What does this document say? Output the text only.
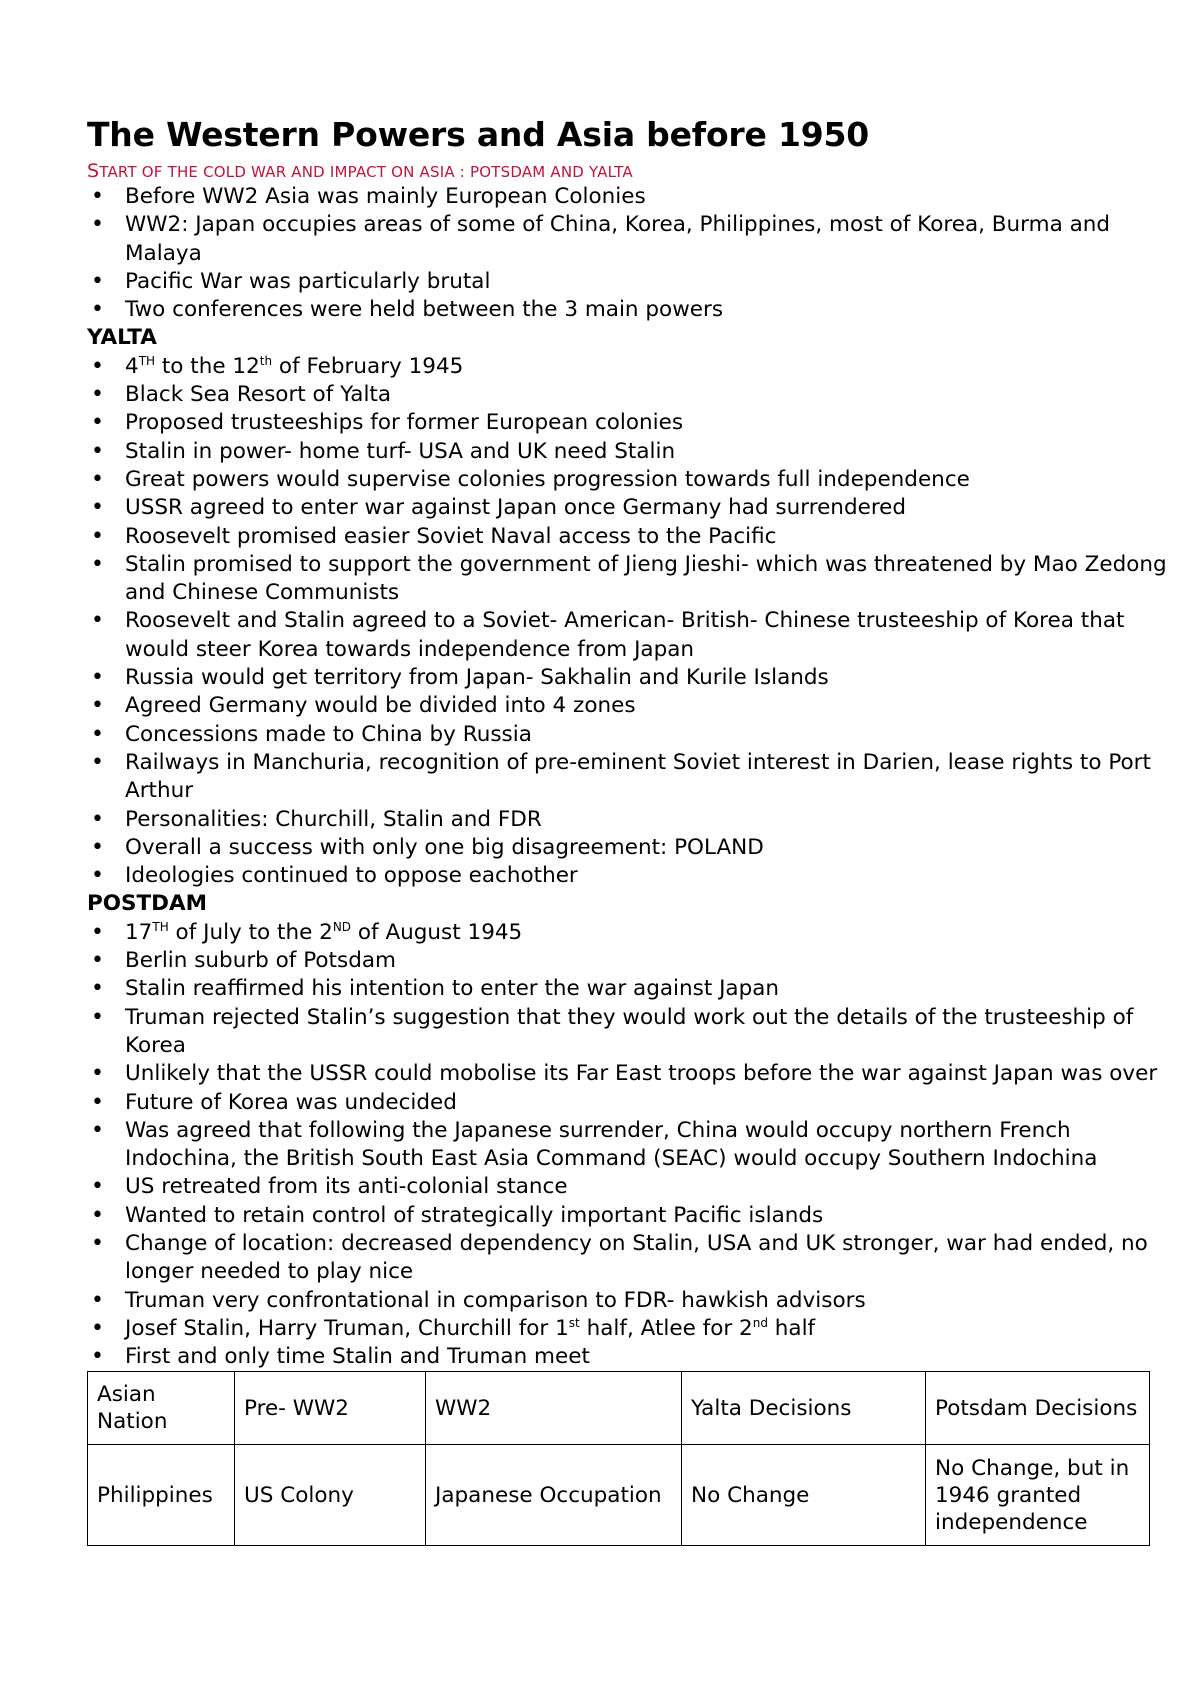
The Western Powers and Asia before 1950
START OF THE COLD WAR AND IMPACT ON ASIA : POTSDAM AND YALTA
• Before WW2 Asia was mainly European Colonies
• WW2: Japan occupies areas of some of China, Korea, Philippines, most of Korea, Burma and Malaya
• Pacific War was particularly brutal
• Two conferences were held between the 3 main powers
YALTA
• 4TH to the 12th of February 1945
• Black Sea Resort of Yalta
• Proposed trusteeships for former European colonies
• Stalin in power- home turf- USA and UK need Stalin
• Great powers would supervise colonies progression towards full independence
• USSR agreed to enter war against Japan once Germany had surrendered
• Roosevelt promised easier Soviet Naval access to the Pacific
• Stalin promised to support the government of Jieng Jieshi- which was threatened by Mao Zedong and Chinese Communists
• Roosevelt and Stalin agreed to a Soviet- American- British- Chinese trusteeship of Korea that would steer Korea towards independence from Japan
• Russia would get territory from Japan- Sakhalin and Kurile Islands
• Agreed Germany would be divided into 4 zones
• Concessions made to China by Russia
• Railways in Manchuria, recognition of pre-eminent Soviet interest in Darien, lease rights to Port Arthur
• Personalities: Churchill, Stalin and FDR
• Overall a success with only one big disagreement: POLAND
• Ideologies continued to oppose eachother
POSTDAM
• 17TH of July to the 2ND of August 1945
• Berlin suburb of Potsdam
• Stalin reaffirmed his intention to enter the war against Japan
• Truman rejected Stalin’s suggestion that they would work out the details of the trusteeship of Korea
• Unlikely that the USSR could mobolise its Far East troops before the war against Japan was over
• Future of Korea was undecided
• Was agreed that following the Japanese surrender, China would occupy northern French Indochina, the British South East Asia Command (SEAC) would occupy Southern Indochina
• US retreated from its anti-colonial stance
• Wanted to retain control of strategically important Pacific islands
• Change of location: decreased dependency on Stalin, USA and UK stronger, war had ended, no longer needed to play nice
• Truman very confrontational in comparison to FDR- hawkish advisors
• Josef Stalin, Harry Truman, Churchill for 1st half, Atlee for 2nd half
• First and only time Stalin and Truman meet
Asian Nation	Pre- WW2	WW2	Yalta Decisions	Potsdam Decisions
Philippines	US Colony	Japanese Occupation	No Change	No Change, but in 1946 granted independence
